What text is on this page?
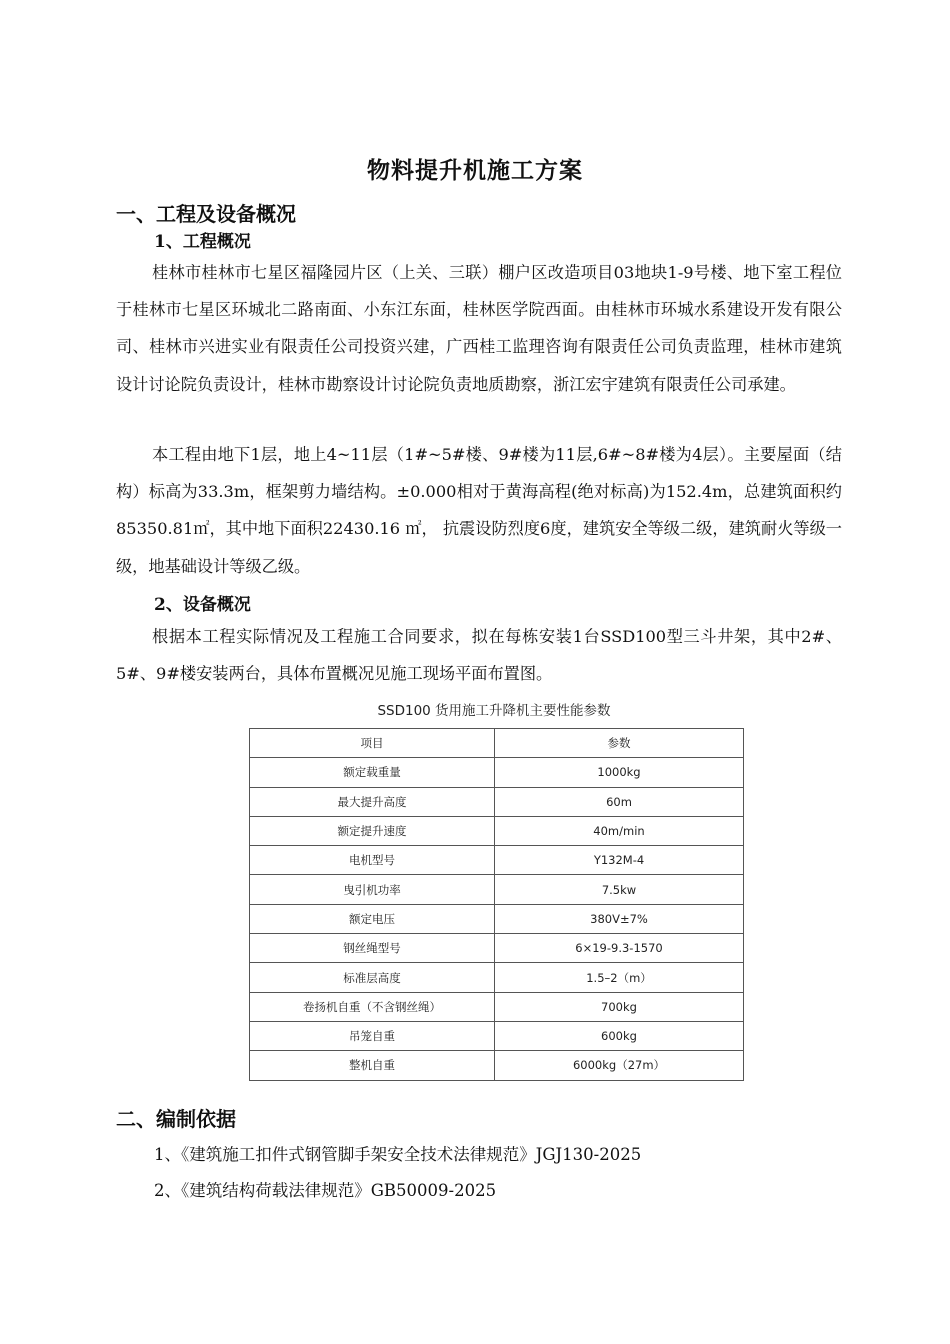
物料提升机施工方案
一、工程及设备概况
1、工程概况

桂林市桂林市七星区福隆园片区（上关、三联）棚户区改造项目03地块1-9号楼、地下室工程位于桂林市七星区环城北二路南面、小东江东面，桂林医学院西面。由桂林市环城水系建设开发有限公司、桂林市兴进实业有限责任公司投资兴建，广西桂工监理咨询有限责任公司负责监理，桂林市建筑设计讨论院负责设计，桂林市勘察设计讨论院负责地质勘察，浙江宏宇建筑有限责任公司承建。

本工程由地下1层，地上4~11层（1#~5#楼、9#楼为11层,6#~8#楼为4层）。主要屋面（结构）标高为33.3m，框架剪力墙结构。±0.000相对于黄海高程(绝对标高)为152.4m，总建筑面积约85350.81㎡，其中地下面积22430.16 ㎡， 抗震设防烈度6度，建筑安全等级二级，建筑耐火等级一级，地基础设计等级乙级。

2、设备概况

根据本工程实际情况及工程施工合同要求，拟在每栋安装1台SSD100型三斗井架，其中2#、5#、9#楼安装两台，具体布置概况见施工现场平面布置图。

SSD100 货用施工升降机主要性能参数
项目	参数
额定载重量	1000kg
最大提升高度	60m
额定提升速度	40m/min
电机型号	Y132M-4
曳引机功率	7.5kw
额定电压	380V±7%
钢丝绳型号	6×19-9.3-1570
标准层高度	1.5–2（m）
卷扬机自重（不含钢丝绳）	700kg
吊笼自重	600kg
整机自重	6000kg（27m）
二、编制依据
1、《建筑施工扣件式钢管脚手架安全技术法律规范》JGJ130-2025
2、《建筑结构荷载法律规范》GB50009-2025
